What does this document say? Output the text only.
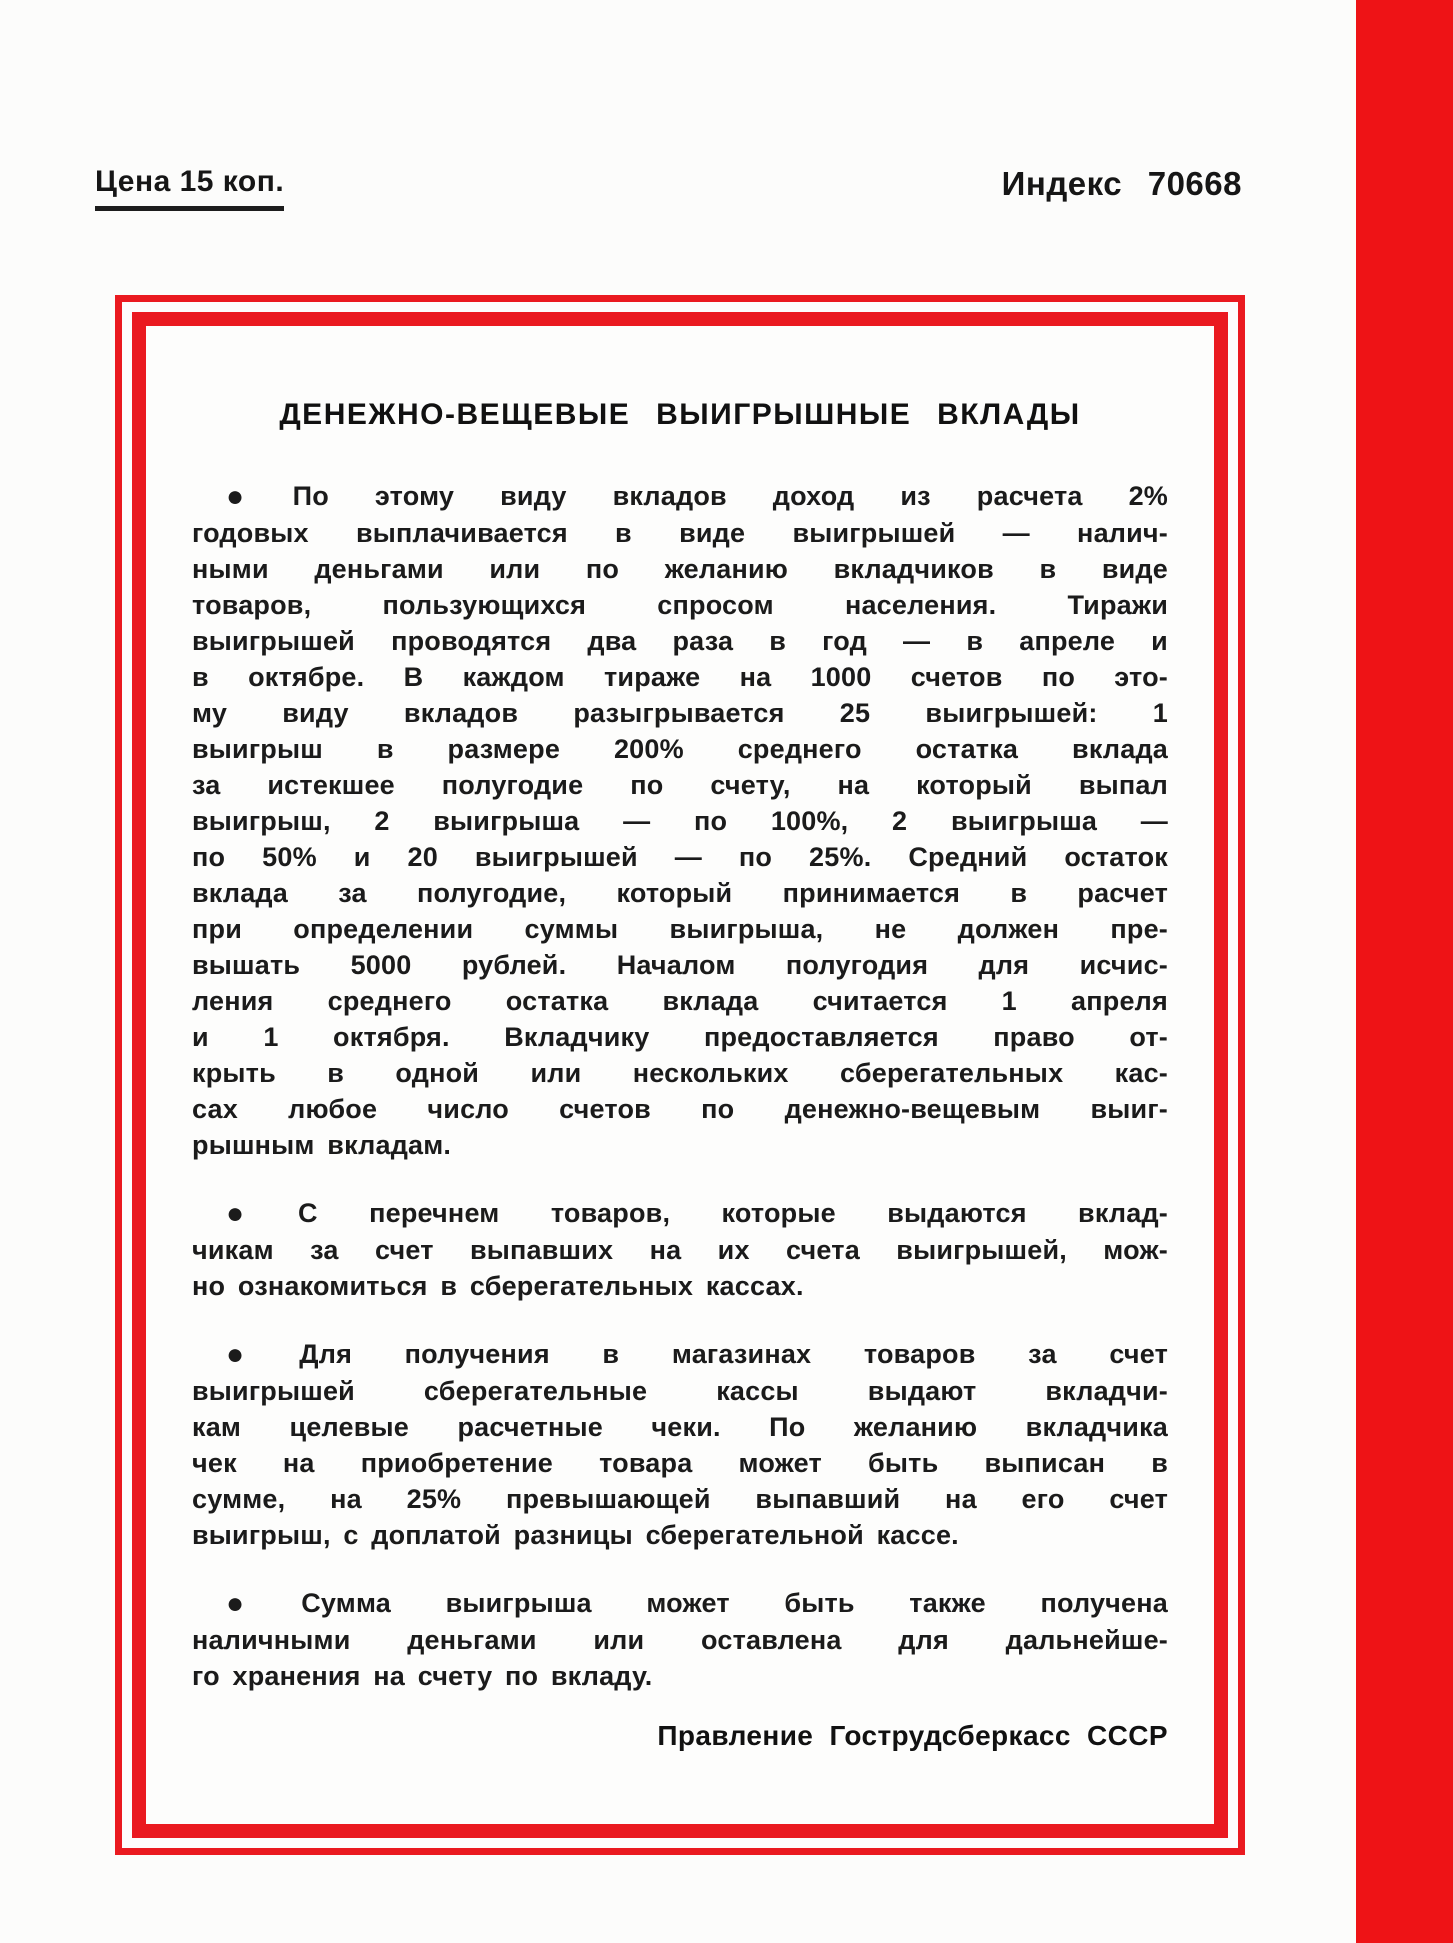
Цена 15 коп.	Индекс 70668
ДЕНЕЖНО-ВЕЩЕВЫЕ ВЫИГРЫШНЫЕ ВКЛАДЫ
● По этому виду вкладов доход из расчета 2%
годовых выплачивается в виде выигрышей — налич-
ными деньгами или по желанию вкладчиков в виде
товаров, пользующихся спросом населения. Тиражи
выигрышей проводятся два раза в год — в апреле и
в октябре. В каждом тираже на 1000 счетов по это-
му виду вкладов разыгрывается 25 выигрышей: 1
выигрыш в размере 200% среднего остатка вклада
за истекшее полугодие по счету, на который выпал
выигрыш, 2 выигрыша — по 100%, 2 выигрыша —
по 50% и 20 выигрышей — по 25%. Средний остаток
вклада за полугодие, который принимается в расчет
при определении суммы выигрыша, не должен пре-
вышать 5000 рублей. Началом полугодия для исчис-
ления среднего остатка вклада считается 1 апреля
и 1 октября. Вкладчику предоставляется право от-
крыть в одной или нескольких сберегательных кас-
сах любое число счетов по денежно-вещевым выиг-
рышным вкладам.
● С перечнем товаров, которые выдаются вклад-
чикам за счет выпавших на их счета выигрышей, мож-
но ознакомиться в сберегательных кассах.
● Для получения в магазинах товаров за счет
выигрышей сберегательные кассы выдают вкладчи-
кам целевые расчетные чеки. По желанию вкладчика
чек на приобретение товара может быть выписан в
сумме, на 25% превышающей выпавший на его счет
выигрыш, с доплатой разницы сберегательной кассе.
● Сумма выигрыша может быть также получена
наличными деньгами или оставлена для дальнейше-
го хранения на счету по вкладу.
Правление Гострудсберкасс СССР
